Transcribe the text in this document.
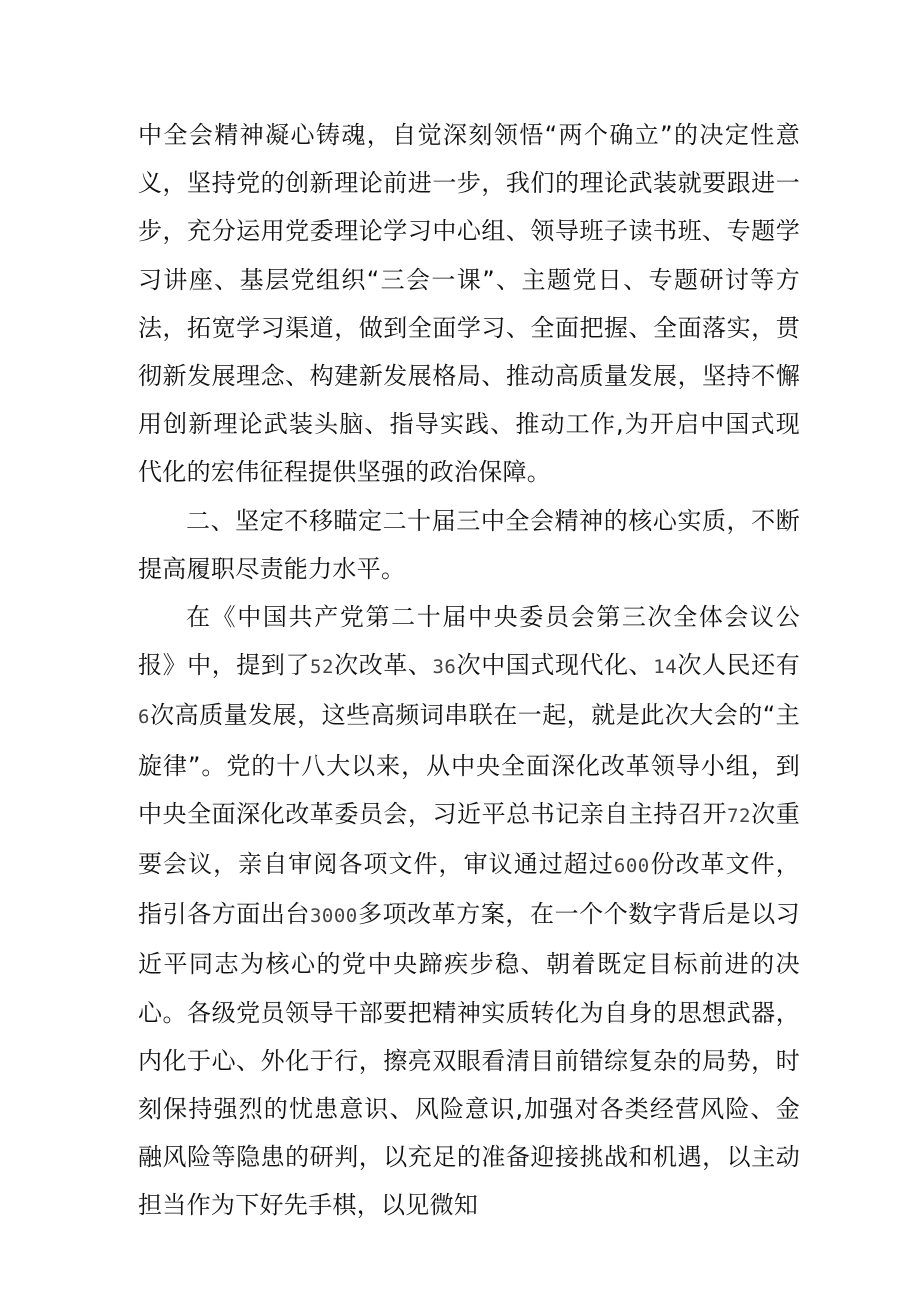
中全会精神凝心铸魂，自觉深刻领悟“两个确立”的决定性意义，坚持党的创新理论前进一步，我们的理论武装就要跟进一步，充分运用党委理论学习中心组、领导班子读书班、专题学习讲座、基层党组织“三会一课”、主题党日、专题研讨等方法，拓宽学习渠道，做到全面学习、全面把握、全面落实，贯彻新发展理念、构建新发展格局、推动高质量发展，坚持不懈用创新理论武装头脑、指导实践、推动工作,为开启中国式现代化的宏伟征程提供坚强的政治保障。

二、坚定不移瞄定二十届三中全会精神的核心实质，不断提高履职尽责能力水平。

在《中国共产党第二十届中央委员会第三次全体会议公报》中，提到了52次改革、36次中国式现代化、14次人民还有6次高质量发展，这些高频词串联在一起，就是此次大会的“主旋律”。党的十八大以来，从中央全面深化改革领导小组，到中央全面深化改革委员会，习近平总书记亲自主持召开72次重要会议，亲自审阅各项文件，审议通过超过600份改革文件，指引各方面出台3000多项改革方案，在一个个数字背后是以习近平同志为核心的党中央蹄疾步稳、朝着既定目标前进的决心。各级党员领导干部要把精神实质转化为自身的思想武器，内化于心、外化于行，擦亮双眼看清目前错综复杂的局势，时刻保持强烈的忧患意识、风险意识,加强对各类经营风险、金融风险等隐患的研判，以充足的准备迎接挑战和机遇，以主动担当作为下好先手棋，以见微知
